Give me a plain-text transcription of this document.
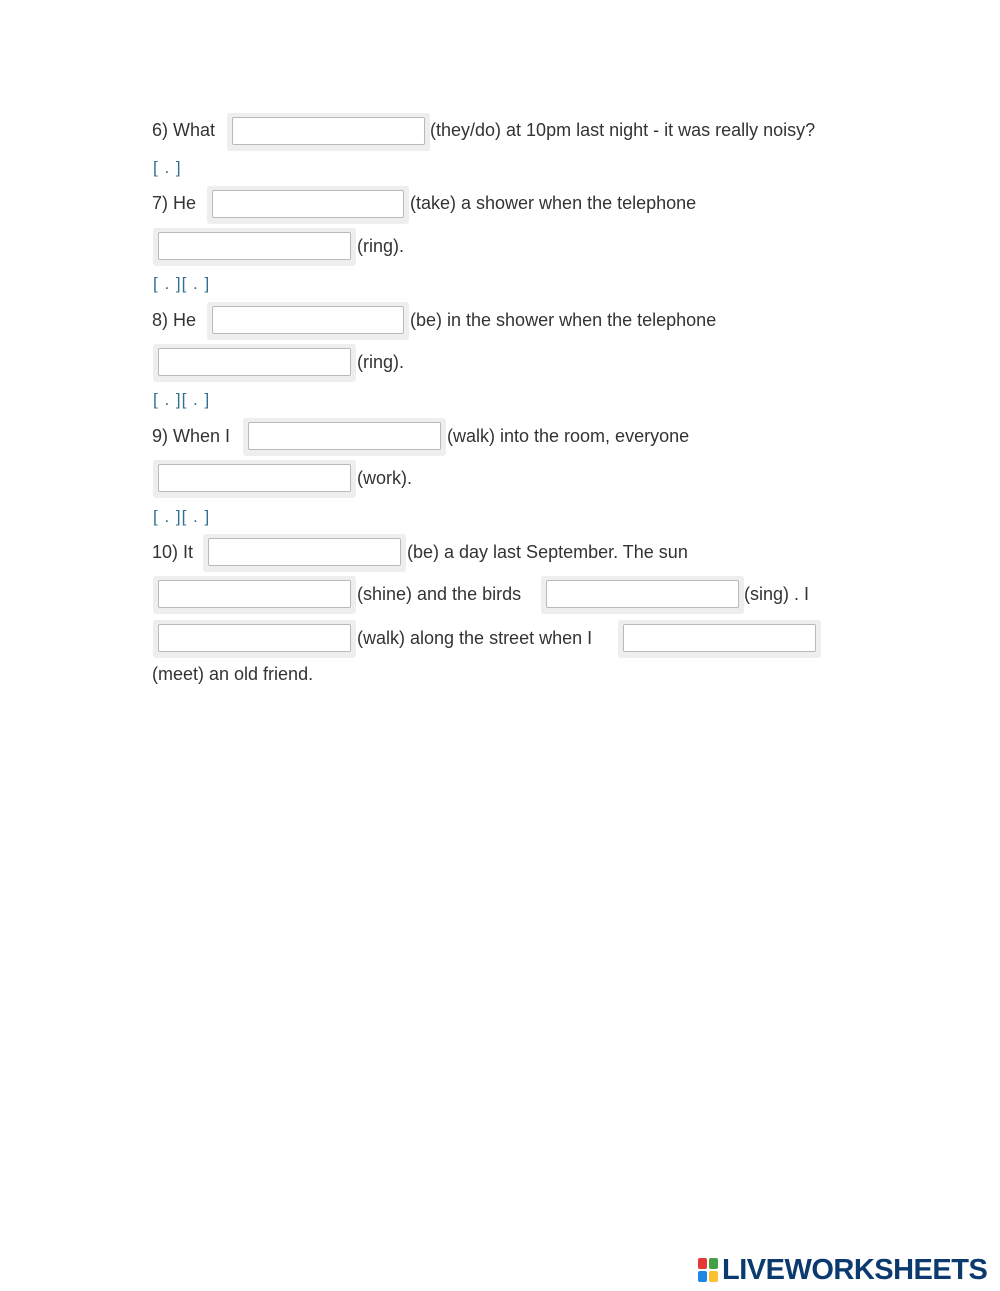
6) What	(they/do) at 10pm last night - it was really noisy?
[ . ]
7) He	(take) a shower when the telephone
(ring).
[ . ][ . ]
8) He	(be) in the shower when the telephone
(ring).
[ . ][ . ]
9) When I	(walk) into the room, everyone
(work).
[ . ][ . ]
10) It	(be) a day last September. The sun
(shine) and the birds	(sing) . I
(walk) along the street when I
(meet) an old friend.
LIVEWORKSHEETS
